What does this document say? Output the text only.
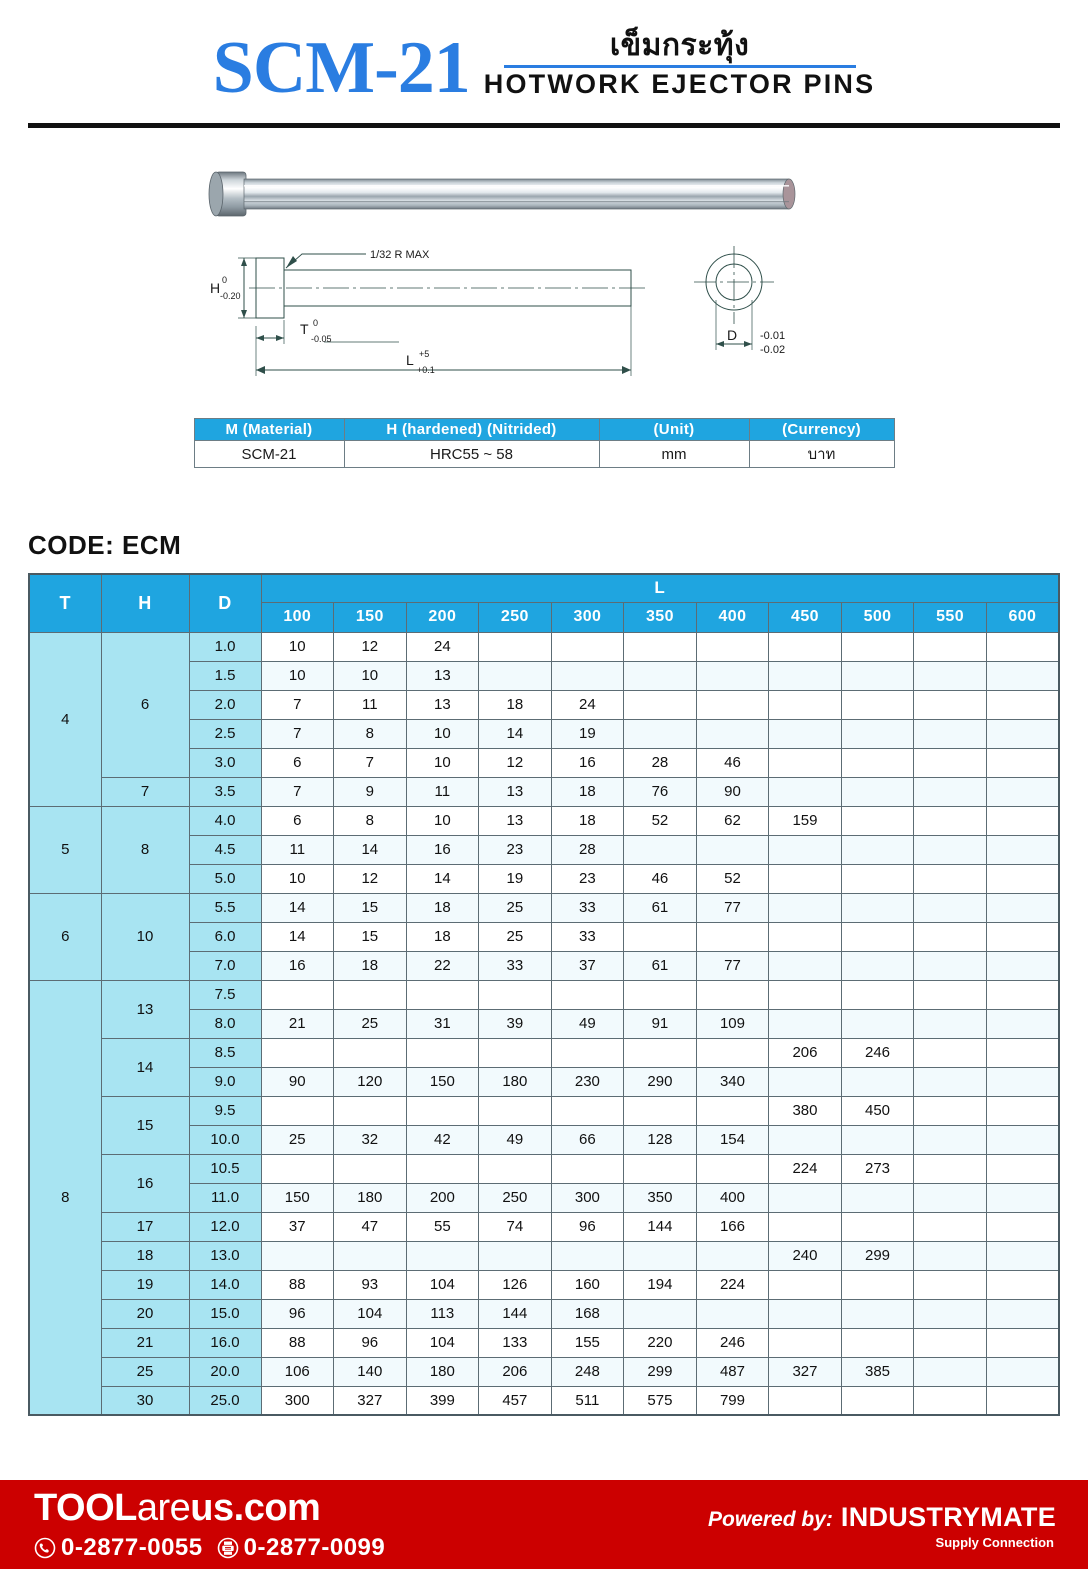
SCM-21	เข็มกระทุ้ง
HOTWORK EJECTOR PINS
1/32 R MAX
H 0
-0.20
T 0
-0.05
L +5
+0.1
D -0.01
-0.02
M (Material)	H (hardened) (Nitrided)	(Unit)	(Currency)
SCM-21	HRC55 ~ 58	mm	บาท
CODE: ECM
T	H	D	L										
			100	150	200	250	300	350	400	450	500	550	600
4	6	1.0	10	12	24								
		1.5	10	10	13								
		2.0	7	11	13	18	24						
		2.5	7	8	10	14	19						
		3.0	6	7	10	12	16	28	46				
	7	3.5	7	9	11	13	18	76	90				
5	8	4.0	6	8	10	13	18	52	62	159			
		4.5	11	14	16	23	28						
		5.0	10	12	14	19	23	46	52				
6	10	5.5	14	15	18	25	33	61	77				
		6.0	14	15	18	25	33						
		7.0	16	18	22	33	37	61	77				
8	13	7.5											
		8.0	21	25	31	39	49	91	109				
	14	8.5								206	246		
		9.0	90	120	150	180	230	290	340				
	15	9.5								380	450		
		10.0	25	32	42	49	66	128	154				
	16	10.5								224	273		
		11.0	150	180	200	250	300	350	400				
	17	12.0	37	47	55	74	96	144	166				
	18	13.0								240	299		
	19	14.0	88	93	104	126	160	194	224				
	20	15.0	96	104	113	144	168						
	21	16.0	88	96	104	133	155	220	246				
	25	20.0	106	140	180	206	248	299	487	327	385		
	30	25.0	300	327	399	457	511	575	799				
TOOLareus.com
0-2877-0055 0-2877-0099
Powered by: INDUSTRYMATE
Supply Connection
